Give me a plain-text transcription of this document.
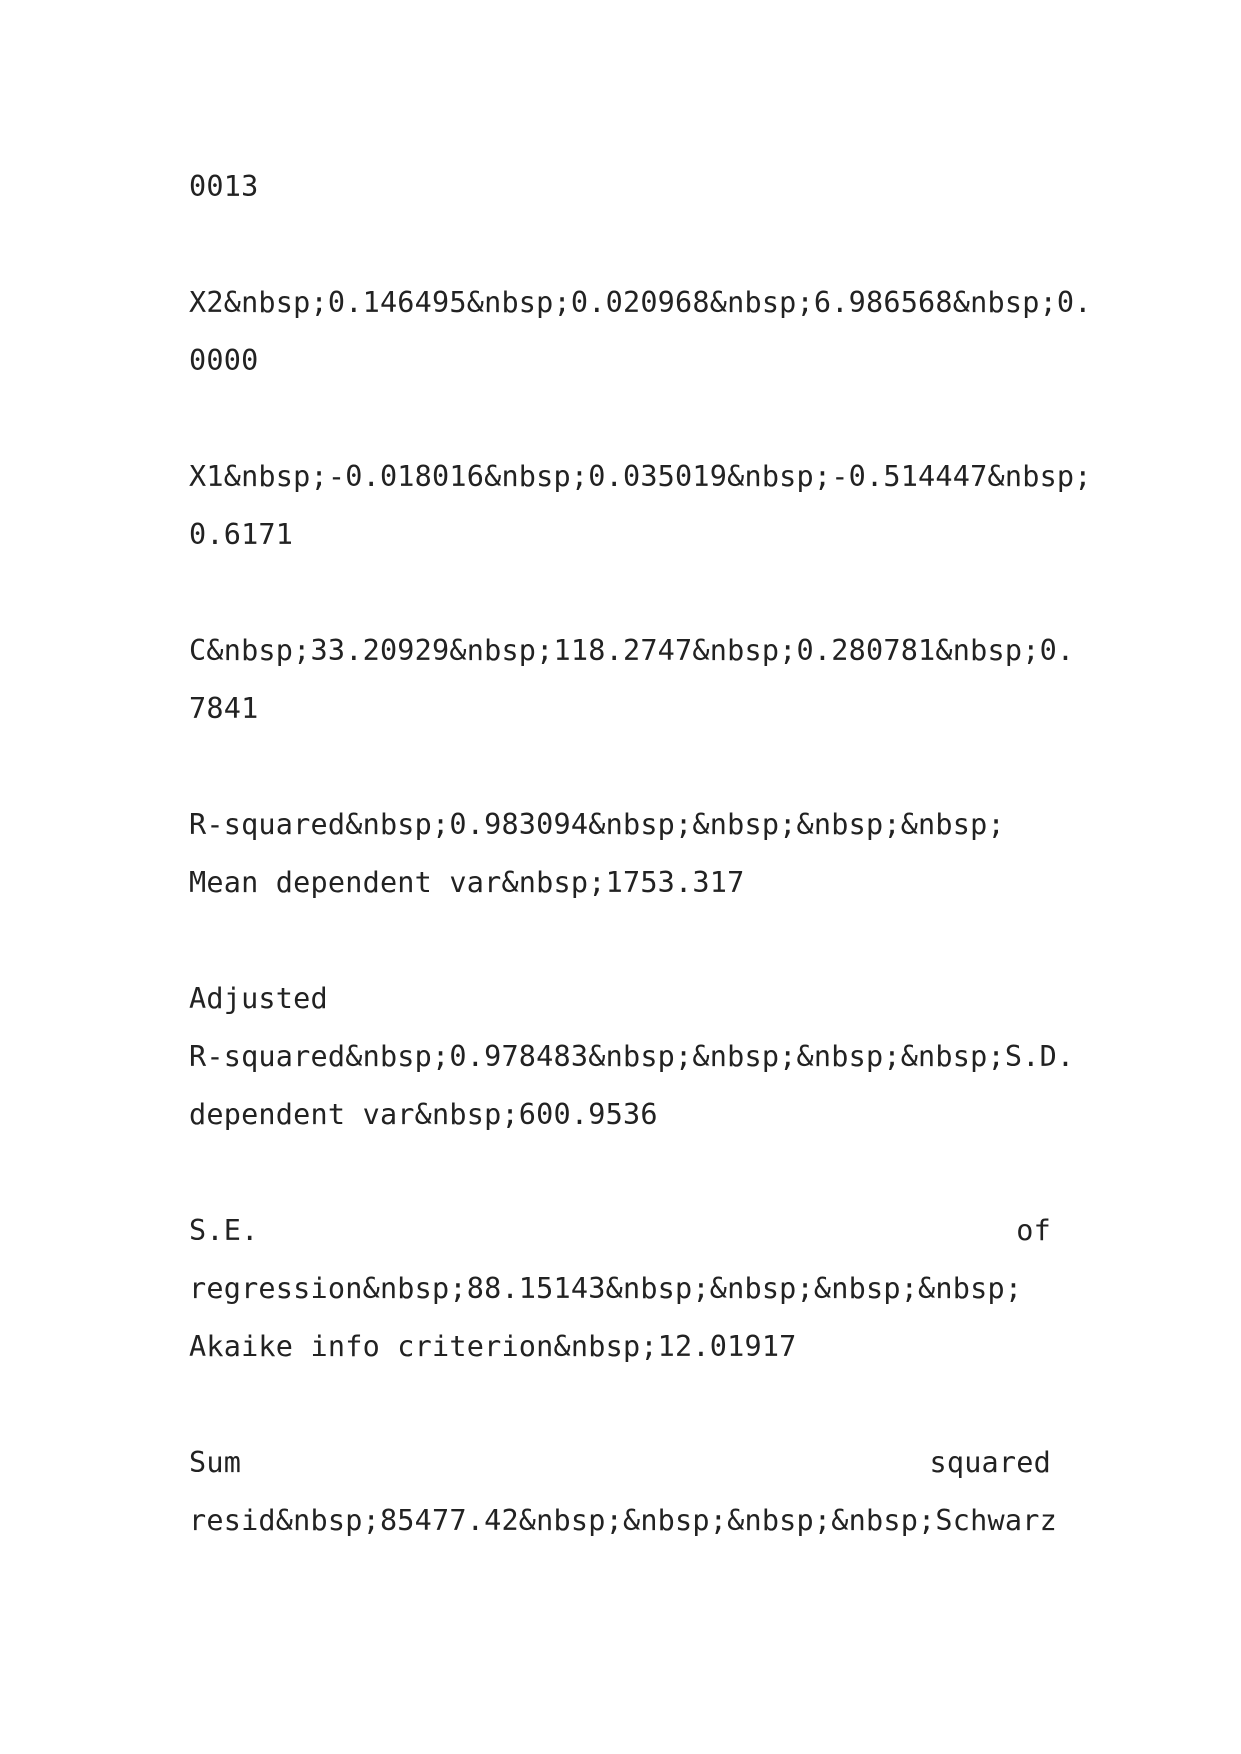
0013
X2&nbsp;0.146495&nbsp;0.020968&nbsp;6.986568&nbsp;0.
0000
X1&nbsp;-0.018016&nbsp;0.035019&nbsp;-0.514447&nbsp;
0.6171
C&nbsp;33.20929&nbsp;118.2747&nbsp;0.280781&nbsp;0.
7841
R-squared&nbsp;0.983094&nbsp;&nbsp;&nbsp;&nbsp;
Mean dependent var&nbsp;1753.317
Adjusted
R-squared&nbsp;0.978483&nbsp;&nbsp;&nbsp;&nbsp; S.D.
dependent var&nbsp;600.9536
S.E.	of
regression&nbsp;88.15143&nbsp;&nbsp;&nbsp;&nbsp;
Akaike info criterion&nbsp;12.01917
Sum	squared
resid&nbsp;85477.42&nbsp;&nbsp;&nbsp;&nbsp; Schwarz
